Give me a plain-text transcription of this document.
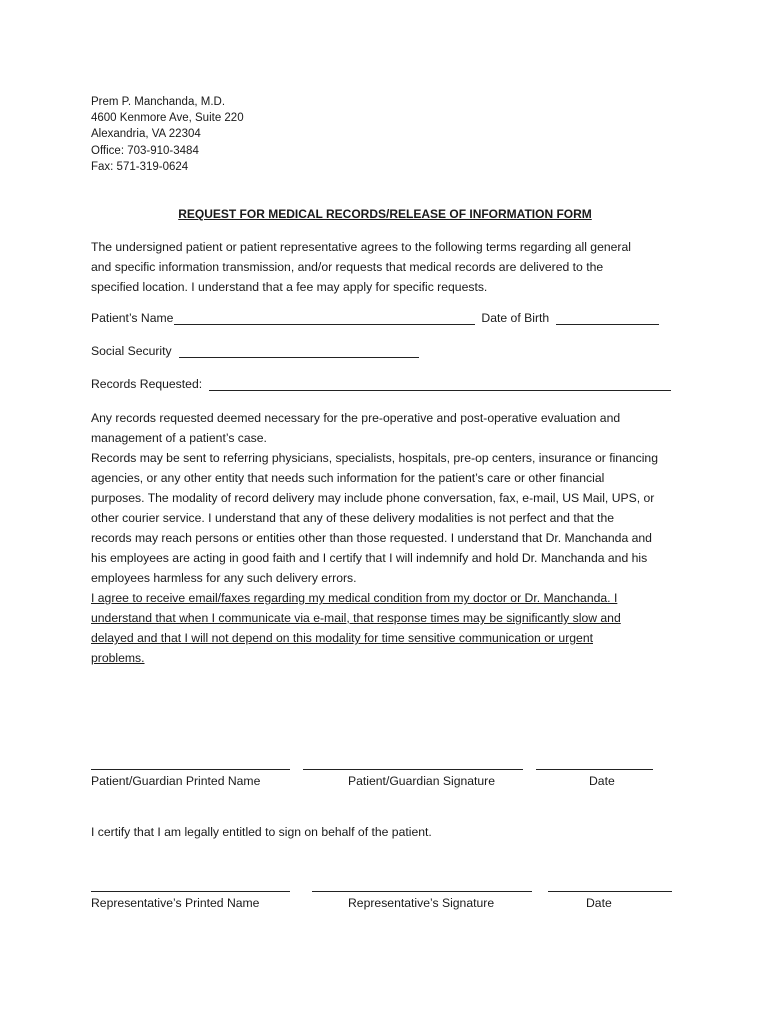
Prem P. Manchanda, M.D.
4600 Kenmore Ave, Suite 220
Alexandria, VA 22304
Office: 703-910-3484
Fax: 571-319-0624
REQUEST FOR MEDICAL RECORDS/RELEASE OF INFORMATION FORM

The undersigned patient or patient representative agrees to the following terms regarding all general

and specific information transmission, and/or requests that medical records are delivered to the

specified location. I understand that a fee may apply for specific requests.

Patient’s Name	Date of Birth
Social Security
Records Requested:

Any records requested deemed necessary for the pre-operative and post-operative evaluation and

management of a patient’s case.

Records may be sent to referring physicians, specialists, hospitals, pre-op centers, insurance or financing

agencies, or any other entity that needs such information for the patient’s care or other financial

purposes. The modality of record delivery may include phone conversation, fax, e-mail, US Mail, UPS, or

other courier service. I understand that any of these delivery modalities is not perfect and that the

records may reach persons or entities other than those requested. I understand that Dr. Manchanda and

his employees are acting in good faith and I certify that I will indemnify and hold Dr. Manchanda and his

employees harmless for any such delivery errors.

I agree to receive email/faxes regarding my medical condition from my doctor or Dr. Manchanda. I

understand that when I communicate via e-mail, that response times may be significantly slow and

delayed and that I will not depend on this modality for time sensitive communication or urgent

problems.

Patient/Guardian Printed Name	Patient/Guardian Signature	Date
I certify that I am legally entitled to sign on behalf of the patient.
Representative’s Printed Name	Representative’s Signature	Date
